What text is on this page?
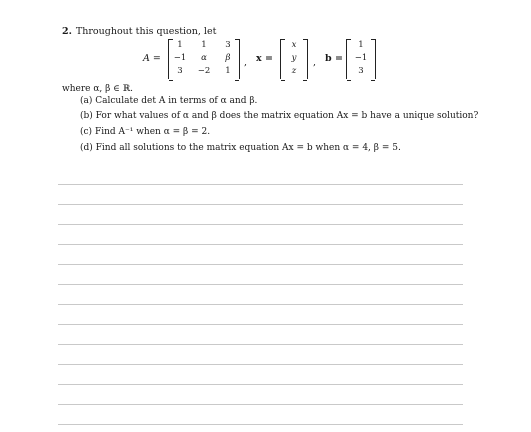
2. Throughout this question, let
A =
1	1	3
−1	α	β
3	−2	1
, x =
x
y
z
, b =
1
−1
3
where α, β ∈ ℝ.
(a) Calculate det A in terms of α and β.
(b) For what values of α and β does the matrix equation Ax = b have a unique solution?
(c) Find A⁻¹ when α = β = 2.
(d) Find all solutions to the matrix equation Ax = b when α = 4, β = 5.
